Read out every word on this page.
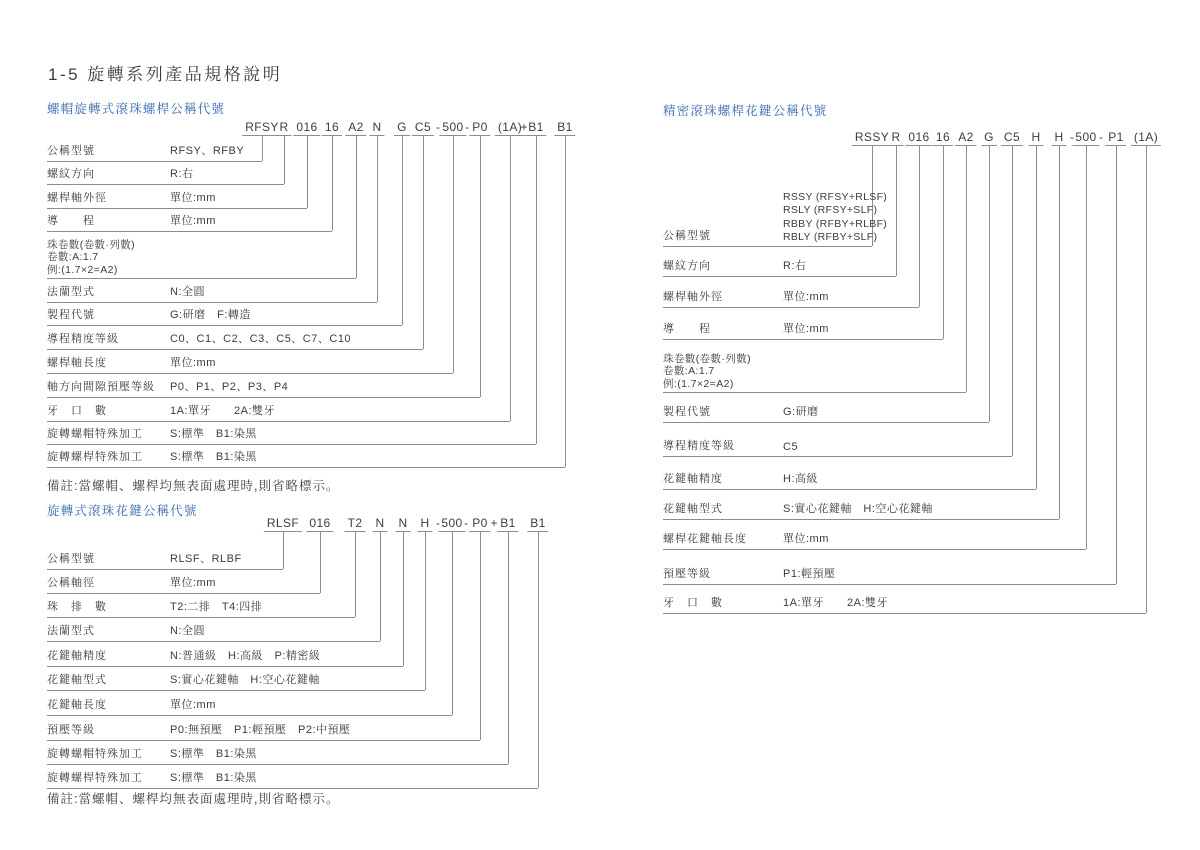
1-5 旋轉系列產品規格說明
螺帽旋轉式滾珠螺桿公稱代號
RFSY R 016 16 A2 N G C5 - 500 - P0 (1A)
+ B1 B1
公稱型號	RFSY、RFBY
螺紋方向	R:右
螺桿軸外徑	單位:mm
導　　程	單位:mm
珠卷數(卷數·列數)
卷數:A:1.7
例:(1.7×2=A2)
法蘭型式	N:全圓
製程代號	G:研磨　F:轉造
導程精度等級	C0、C1、C2、C3、C5、C7、C10
螺桿軸長度	單位:mm
軸方向間隙預壓等級 P0、P1、P2、P3、P4
牙　口　數	1A:單牙　　2A:雙牙
旋轉螺帽特殊加工 S:標準　B1:染黑
旋轉螺桿特殊加工 S:標準　B1:染黑
備註:當螺帽、螺桿均無表面處理時,則省略標示。
旋轉式滾珠花鍵公稱代號
RLSF 016 T2 N N H - 500 - P0 + B1 B1
公稱型號	RLSF、RLBF
公稱軸徑	單位:mm
珠　排　數	T2:二排　T4:四排
法蘭型式	N:全圓
花鍵軸精度	N:普通級　H:高級　P:精密級
花鍵軸型式	S:實心花鍵軸　H:空心花鍵軸
花鍵軸長度	單位:mm
預壓等級	P0:無預壓　P1:輕預壓　P2:中預壓
旋轉螺帽特殊加工 S:標準　B1:染黑
旋轉螺桿特殊加工 S:標準　B1:染黑
備註:當螺帽、螺桿均無表面處理時,則省略標示。
精密滾珠螺桿花鍵公稱代號
RSSY R 016 16 A2 G C5 H H - 500 - P1 (1A)
公稱型號
RSSY (RFSY+RLSF)
RSLY (RFSY+SLF)
RBBY (RFBY+RLBF)
RBLY (RFBY+SLF)
螺紋方向	R:右
螺桿軸外徑	單位:mm
導　　程	單位:mm
珠卷數(卷數·列數)
卷數:A:1.7
例:(1.7×2=A2)
製程代號	G:研磨
導程精度等級	C5
花鍵軸精度	H:高級
花鍵軸型式	S:實心花鍵軸　H:空心花鍵軸
螺桿花鍵軸長度	單位:mm
預壓等級	P1:輕預壓
牙　口　數	1A:單牙　　2A:雙牙
